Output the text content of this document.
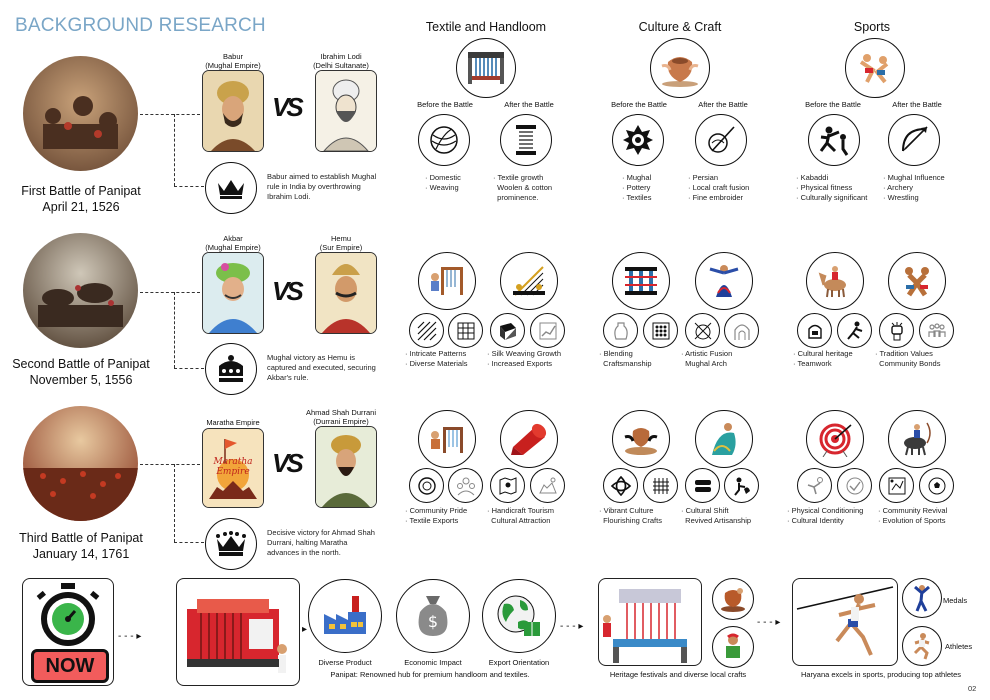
BACKGROUND RESEARCH	Textile and Handloom	Culture & Craft	Sports
Before the Battle	After the Battle	Before the Battle	After the Battle	Before the Battle	After the Battle
First Battle of Panipat
April 21, 1526
Babur
(Mughal Empire)
VS
Ibrahim Lodi
(Delhi Sultanate)
Babur aimed to establish Mughal rule in India by overthrowing Ibrahim Lodi.
· Domestic
· Weaving
· Textile growth
Woolen & cotton
prominence.
· Mughal
· Pottery
· Textiles
· Persian
· Local craft fusion
· Fine embroider
· Kabaddi
· Physical fitness
· Culturally significant
· Mughal Influence
· Archery
· Wrestling
Second Battle of Panipat
November 5, 1556
Akbar
(Mughal Empire)
VS
Hemu
(Sur Empire)
Mughal victory as Hemu is captured and executed, securing Akbar's rule.
· Intricate Patterns
· Diverse Materials
· Silk Weaving Growth
· Increased Exports
· Blending
Craftsmanship
· Artistic Fusion
Mughal Arch
· Cultural heritage
· Teamwork
· Tradition Values
Community Bonds
Third Battle of Panipat
January 14, 1761
Maratha Empire
Maratha Empire VS
Ahmad Shah Durrani
(Durrani Empire)
Decisive victory for Ahmad Shah Durrani, halting Maratha advances in the north.
· Community Pride
· Textile Exports
· Handicraft Tourism
Cultural Attraction
· Vibrant Culture
Flourishing Crafts
· Cultural Shift
Revived Artisanship
· Physical Conditioning
· Cultural Identity
· Community Revival
· Evolution of Sports
NOW
- - - ▸
▸	$
Diverse Product	Economic Impact	Export Orientation
Panipat: Renowned hub for premium handloom and textiles.
- - - ▸
Heritage festivals and diverse local crafts
- - - ▸
Medals
Athletes
Haryana excels in sports, producing top athletes
02
